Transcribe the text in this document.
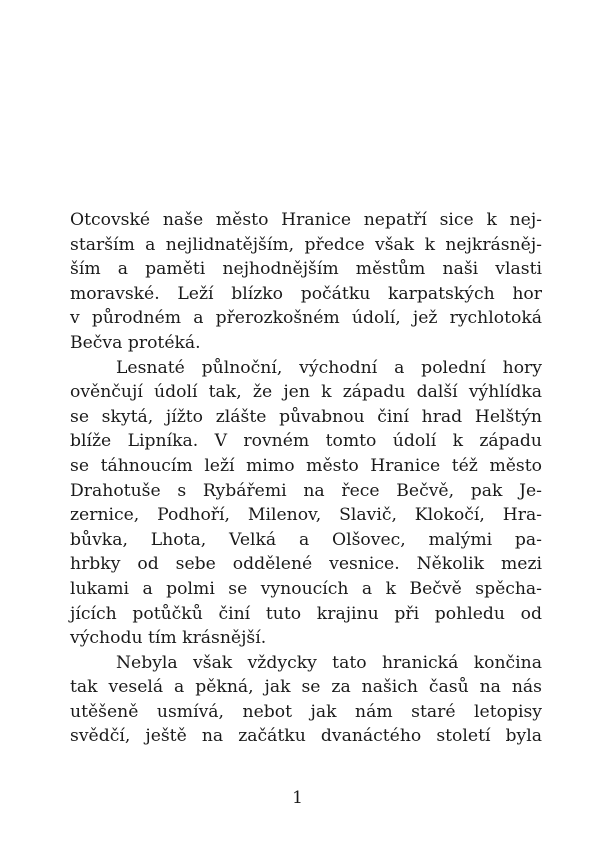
Otcovské naše město Hranice nepatří sice k nej-
starším a nejlidnatějším, předce však k nejkrásněj-
ším a paměti nejhodnějším městům naši vlasti
moravské. Leží blízko počátku karpatských hor
v půrodném a přerozkošném údolí, jež rychlotoká
Bečva protéká.

Lesnaté půlnoční, východní a polední hory
ověnčují údolí tak, že jen k západu další výhlídka
se skytá, jížto zlášte půvabnou činí hrad Helštýn
blíže Lipníka. V rovném tomto údolí k západu
se táhnoucím leží mimo město Hranice též město
Drahotuše s Rybářemi na řece Bečvě, pak Je-
zernice, Podhoří, Milenov, Slavič, Klokočí, Hra-
bůvka, Lhota, Velká a Olšovec, malými pa-
hrbky od sebe oddělené vesnice. Několik mezi
lukami a polmi se vynoucích a k Bečvě spěcha-
jících potůčků činí tuto krajinu při pohledu od
východu tím krásnější.

Nebyla však vždycky tato hranická končina
tak veselá a pěkná, jak se za našich časů na nás
utěšeně usmívá, nebot jak nám staré letopisy
svědčí, ještě na začátku dvanáctého století byla

1
